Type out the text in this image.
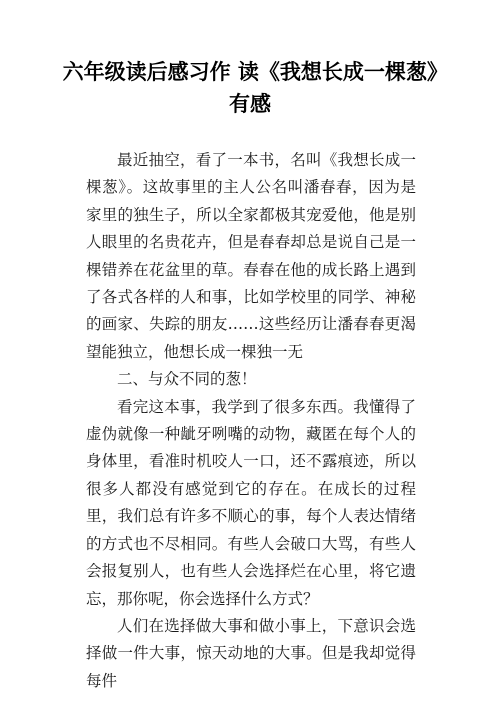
六年级读后感习作 读《我想长成一棵葱》有感

最近抽空，看了一本书，名叫《我想长成一棵葱》。这故事里的主人公名叫潘春春，因为是家里的独生子，所以全家都极其宠爱他，他是别人眼里的名贵花卉，但是春春却总是说自己是一棵错养在花盆里的草。春春在他的成长路上遇到了各式各样的人和事，比如学校里的同学、神秘的画家、失踪的朋友……这些经历让潘春春更渴望能独立，他想长成一棵独一无

二、与众不同的葱！

看完这本事，我学到了很多东西。我懂得了虚伪就像一种龇牙咧嘴的动物，藏匿在每个人的身体里，看准时机咬人一口，还不露痕迹，所以很多人都没有感觉到它的存在。在成长的过程里，我们总有许多不顺心的事，每个人表达情绪的方式也不尽相同。有些人会破口大骂，有些人会报复别人，也有些人会选择烂在心里，将它遗忘，那你呢，你会选择什么方式？

人们在选择做大事和做小事上，下意识会选择做一件大事，惊天动地的大事。但是我却觉得每件
